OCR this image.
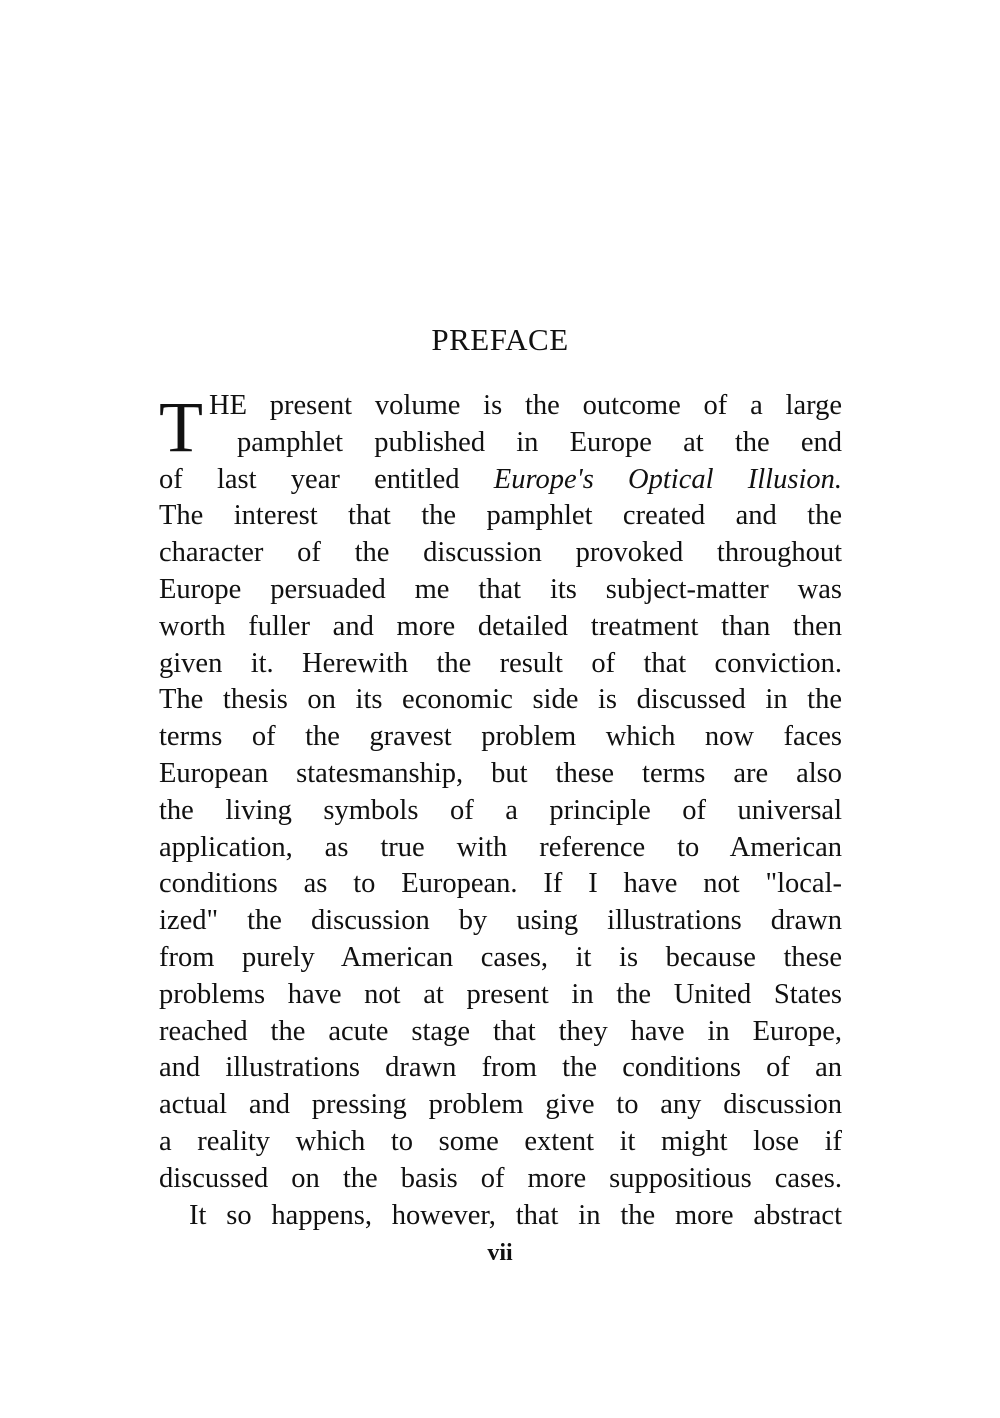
PREFACE
T HE present volume is the outcome of a large
pamphlet published in Europe at the end
of last year entitled Europe's Optical Illusion.
The interest that the pamphlet created and the
character of the discussion provoked throughout
Europe persuaded me that its subject-matter was
worth fuller and more detailed treatment than then
given it. Herewith the result of that conviction.
The thesis on its economic side is discussed in the
terms of the gravest problem which now faces
European statesmanship, but these terms are also
the living symbols of a principle of universal
application, as true with reference to American
conditions as to European. If I have not "local-
ized" the discussion by using illustrations drawn
from purely American cases, it is because these
problems have not at present in the United States
reached the acute stage that they have in Europe,
and illustrations drawn from the conditions of an
actual and pressing problem give to any discussion
a reality which to some extent it might lose if
discussed on the basis of more suppositious cases.
It so happens, however, that in the more abstract
vii
